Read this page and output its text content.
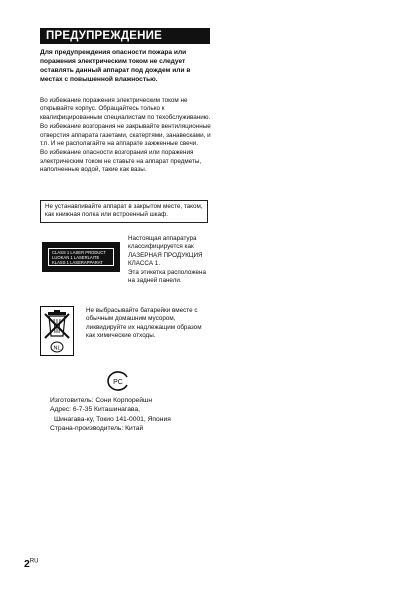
ПРЕДУПРЕЖДЕНИЕ
Для предупреждения опасности пожара или поражения электрическим током не следует оставлять данный аппарат под дождем или в местах с повышенной влажностью.

Во избежание поражения электрическим током не открывайте корпус. Обращайтесь только к квалифицированным специалистам по техобслуживанию.

Во избежание возгорания не закрывайте вентиляционные отверстия аппарата газетами, скатертями, занавесками, и т.п. И не располагайте на аппарате зажженные свечи.

Во избежание опасности возгорания или поражения электрическим током не ставьте на аппарат предметы, наполненные водой, такие как вазы.

Не устанавливайте аппарат в закрытом месте, таком, как книжная полка или встроенный шкаф.
CLASS 1 LASER PRODUCT
LUOKAN 1 LASERLAITE
KLASS 1 LASERAPPARAT

Настоящая аппаратура классифицируется как ЛАЗЕРНАЯ ПРОДУКЦИЯ КЛАССА 1.

Эта этикетка расположена на задней панели.

NL
Не выбрасывайте батарейки вместе с обычным домашним мусором, ликвидируйте их надлежащим образом как химические отходы.
РС
Изготовитель: Сони Корпорейшн
Адрес: 6-7-35 Киташинагава,
Шинагава-ку, Токио 141-0001, Япония
Страна-производитель: Китай
$2^{RU}$
